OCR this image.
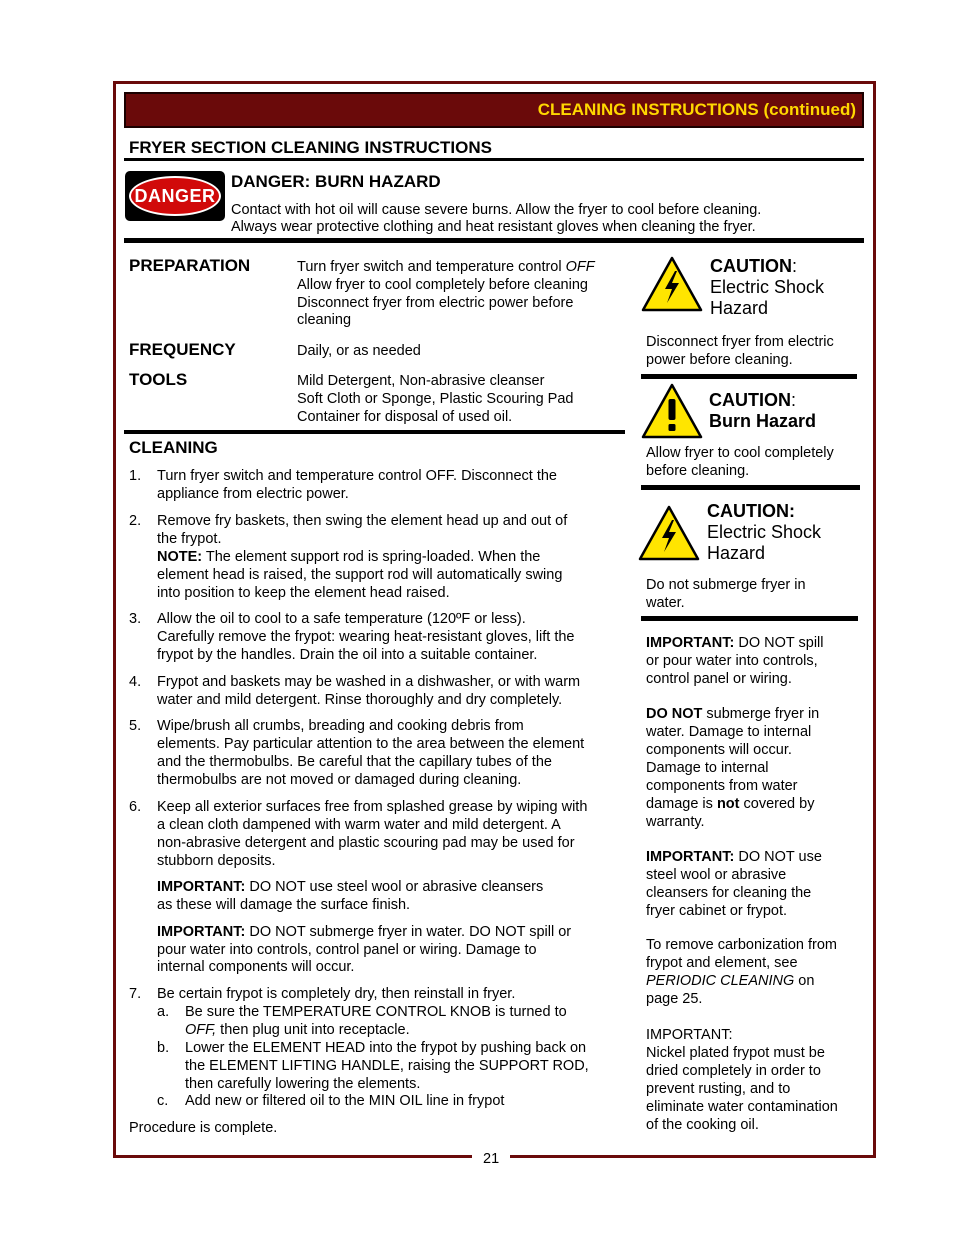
CLEANING INSTRUCTIONS (continued)
FRYER SECTION CLEANING INSTRUCTIONS
DANGER
DANGER: BURN HAZARD
Contact with hot oil will cause severe burns. Allow the fryer to cool before cleaning.
Always wear protective clothing and heat resistant gloves when cleaning the fryer.
PREPARATION	Turn fryer switch and temperature control OFF
Allow fryer to cool completely before cleaning
Disconnect fryer from electric power before
cleaning
FREQUENCY	Daily, or as needed
TOOLS	Mild Detergent, Non-abrasive cleanser
Soft Cloth or Sponge, Plastic Scouring Pad
Container for disposal of used oil.
CLEANING
1. Turn fryer switch and temperature control OFF. Disconnect the
appliance from electric power.
2. Remove fry baskets, then swing the element head up and out of
the frypot.
NOTE: The element support rod is spring-loaded. When the
element head is raised, the support rod will automatically swing
into position to keep the element head raised.
3. Allow the oil to cool to a safe temperature (120ºF or less).
Carefully remove the frypot: wearing heat-resistant gloves, lift the
frypot by the handles. Drain the oil into a suitable container.
4. Frypot and baskets may be washed in a dishwasher, or with warm
water and mild detergent. Rinse thoroughly and dry completely.
5. Wipe/brush all crumbs, breading and cooking debris from
elements. Pay particular attention to the area between the element
and the thermobulbs. Be careful that the capillary tubes of the
thermobulbs are not moved or damaged during cleaning.
6. Keep all exterior surfaces free from splashed grease by wiping with
a clean cloth dampened with warm water and mild detergent. A
non-abrasive detergent and plastic scouring pad may be used for
stubborn deposits.
IMPORTANT: DO NOT use steel wool or abrasive cleansers
as these will damage the surface finish.
IMPORTANT: DO NOT submerge fryer in water. DO NOT spill or
pour water into controls, control panel or wiring. Damage to
internal components will occur.
7. Be certain frypot is completely dry, then reinstall in fryer.
a. Be sure the TEMPERATURE CONTROL KNOB is turned to
OFF, then plug unit into receptacle.
b. Lower the ELEMENT HEAD into the frypot by pushing back on
the ELEMENT LIFTING HANDLE, raising the SUPPORT ROD,
then carefully lowering the elements.
c. Add new or filtered oil to the MIN OIL line in frypot
Procedure is complete.
CAUTION:
Electric Shock
Hazard
Disconnect fryer from electric
power before cleaning.
CAUTION:
Burn Hazard
Allow fryer to cool completely
before cleaning.
CAUTION:
Electric Shock
Hazard
Do not submerge fryer in
water.
IMPORTANT: DO NOT spill
or pour water into controls,
control panel or wiring.
DO NOT submerge fryer in
water. Damage to internal
components will occur.
Damage to internal
components from water
damage is not covered by
warranty.
IMPORTANT: DO NOT use
steel wool or abrasive
cleansers for cleaning the
fryer cabinet or frypot.
To remove carbonization from
frypot and element, see
PERIODIC CLEANING on
page 25.
IMPORTANT:
Nickel plated frypot must be
dried completely in order to
prevent rusting, and to
eliminate water contamination
of the cooking oil.
21
